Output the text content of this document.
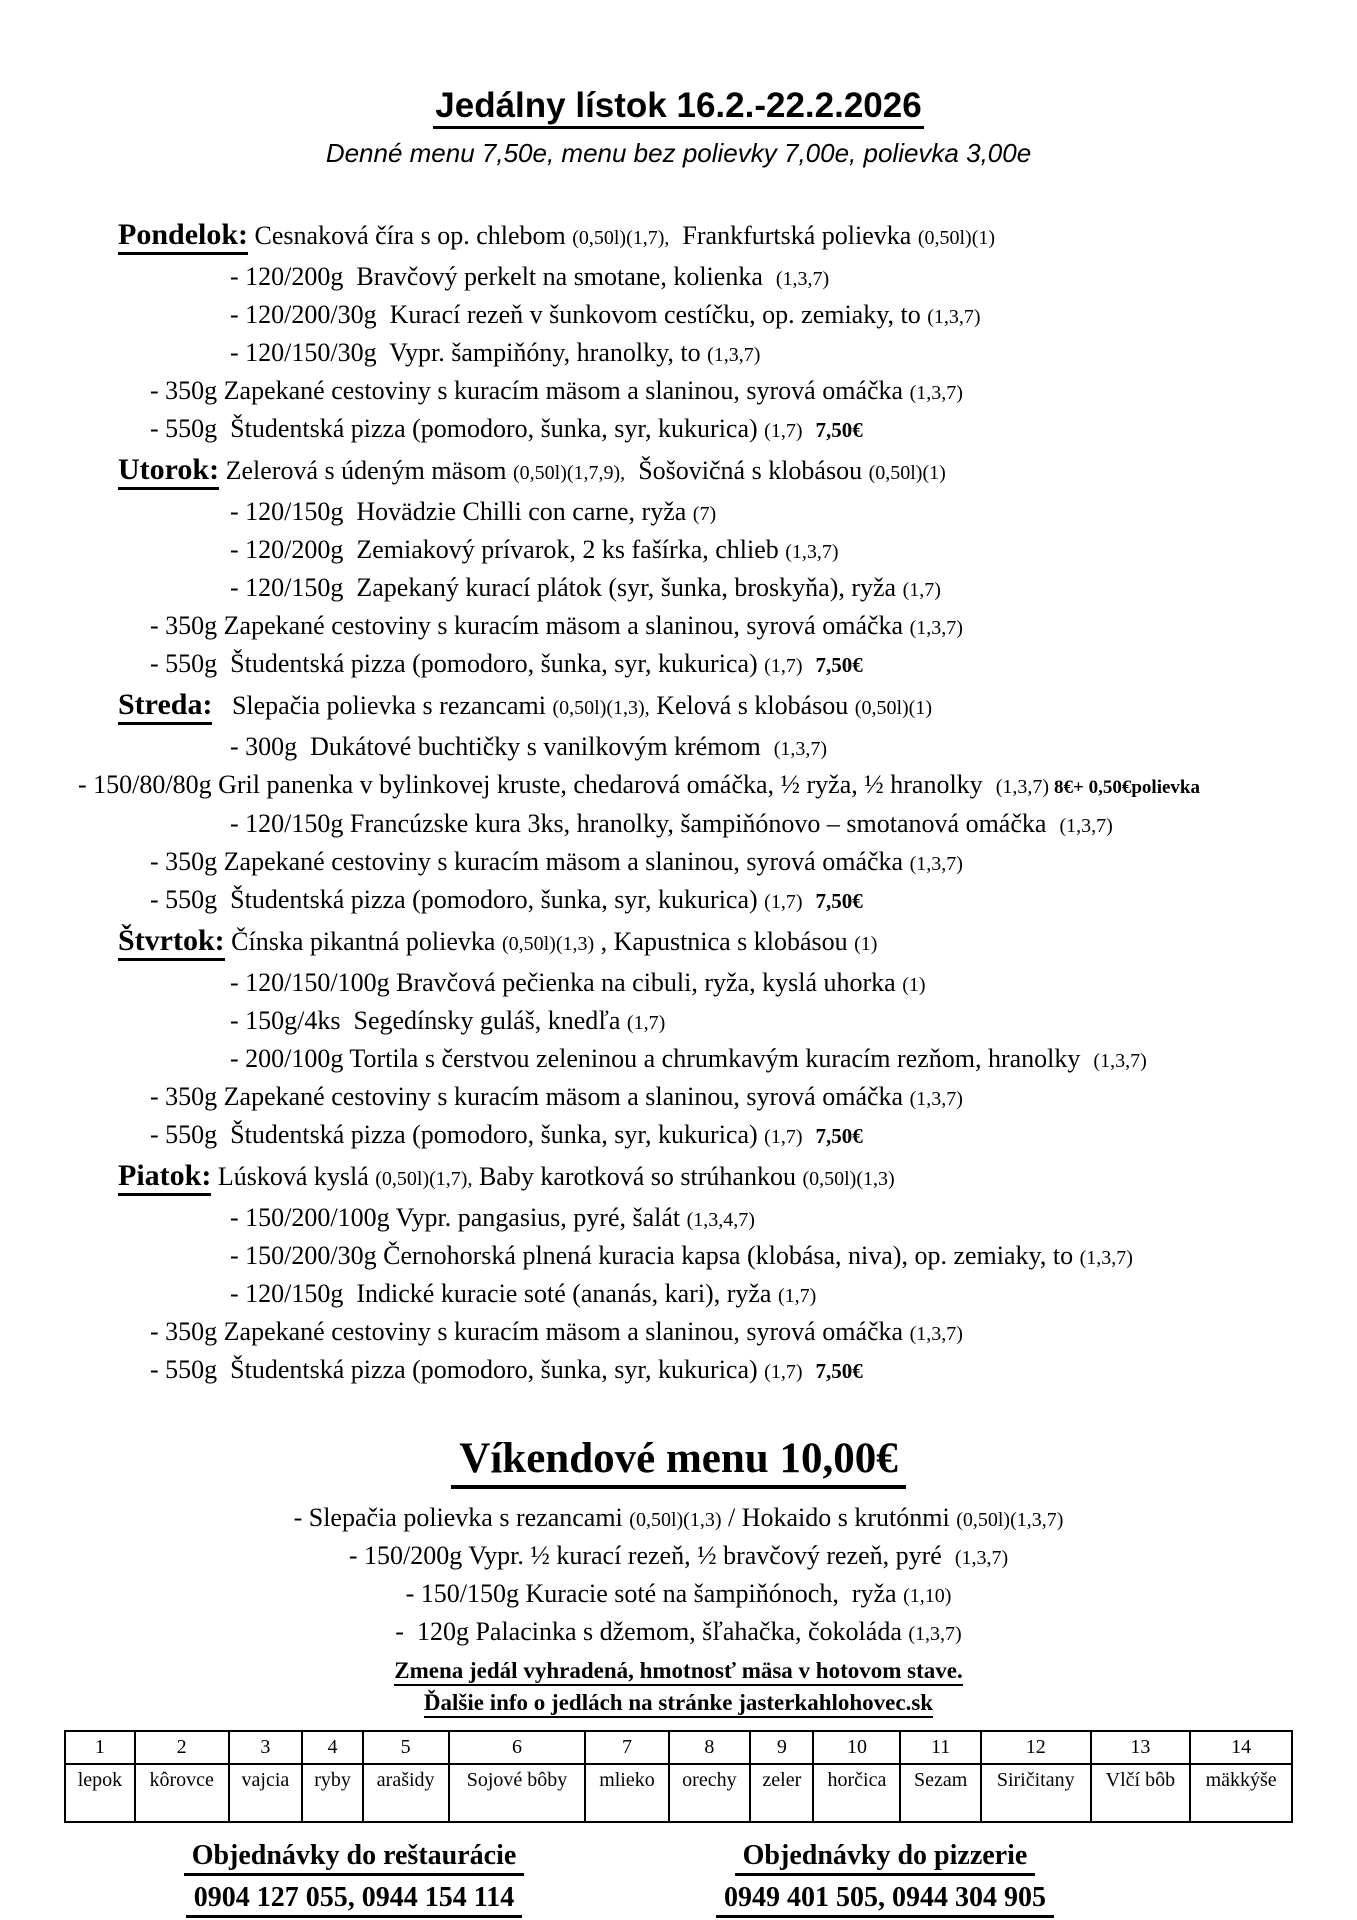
Jedálny lístok 16.2.-22.2.2026
Denné menu 7,50e, menu bez polievky 7,00e, polievka 3,00e
Pondelok: Cesnaková číra s op. chlebom (0,50l)(1,7),  Frankfurtská polievka (0,50l)(1)
- 120/200g  Bravčový perkelt na smotane, kolienka  (1,3,7)
- 120/200/30g  Kurací rezeň v šunkovom cestíčku, op. zemiaky, to (1,3,7)
- 120/150/30g  Vypr. šampiňóny, hranolky, to (1,3,7)
- 350g Zapekané cestoviny s kuracím mäsom a slaninou, syrová omáčka (1,3,7)
- 550g  Študentská pizza (pomodoro, šunka, syr, kukurica) (1,7) 7,50€
Utorok: Zelerová s údeným mäsom (0,50l)(1,7,9),  Šošovičná s klobásou (0,50l)(1)
- 120/150g  Hovädzie Chilli con carne, ryža (7)
- 120/200g  Zemiakový prívarok, 2 ks fašírka, chlieb (1,3,7)
- 120/150g  Zapekaný kurací plátok (syr, šunka, broskyňa), ryža (1,7)
- 350g Zapekané cestoviny s kuracím mäsom a slaninou, syrová omáčka (1,3,7)
- 550g  Študentská pizza (pomodoro, šunka, syr, kukurica) (1,7) 7,50€
Streda:   Slepačia polievka s rezancami (0,50l)(1,3), Kelová s klobásou (0,50l)(1)
- 300g  Dukátové buchtičky s vanilkovým krémom  (1,3,7)
- 150/80/80g Gril panenka v bylinkovej kruste, chedarová omáčka, ½ ryža, ½ hranolky  (1,3,7) 8€+ 0,50€polievka
- 120/150g Francúzske kura 3ks, hranolky, šampiňónovo – smotanová omáčka  (1,3,7)
- 350g Zapekané cestoviny s kuracím mäsom a slaninou, syrová omáčka (1,3,7)
- 550g  Študentská pizza (pomodoro, šunka, syr, kukurica) (1,7) 7,50€
Štvrtok: Čínska pikantná polievka (0,50l)(1,3) , Kapustnica s klobásou (1)
- 120/150/100g Bravčová pečienka na cibuli, ryža, kyslá uhorka (1)
- 150g/4ks  Segedínsky guláš, knedľa (1,7)
- 200/100g Tortila s čerstvou zeleninou a chrumkavým kuracím rezňom, hranolky  (1,3,7)
- 350g Zapekané cestoviny s kuracím mäsom a slaninou, syrová omáčka (1,3,7)
- 550g  Študentská pizza (pomodoro, šunka, syr, kukurica) (1,7) 7,50€
Piatok: Lúsková kyslá (0,50l)(1,7), Baby karotková so strúhankou (0,50l)(1,3)
- 150/200/100g Vypr. pangasius, pyré, šalát (1,3,4,7)
- 150/200/30g Černohorská plnená kuracia kapsa (klobása, niva), op. zemiaky, to (1,3,7)
- 120/150g  Indické kuracie soté (ananás, kari), ryža (1,7)
- 350g Zapekané cestoviny s kuracím mäsom a slaninou, syrová omáčka (1,3,7)
- 550g  Študentská pizza (pomodoro, šunka, syr, kukurica) (1,7) 7,50€
Víkendové menu 10,00€
- Slepačia polievka s rezancami (0,50l)(1,3) / Hokaido s krutónmi (0,50l)(1,3,7)
- 150/200g Vypr. ½ kurací rezeň, ½ bravčový rezeň, pyré  (1,3,7)
- 150/150g Kuracie soté na šampiňónoch,  ryža (1,10)
-  120g Palacinka s džemom, šľahačka, čokoláda (1,3,7)
Zmena jedál vyhradená, hmotnosť mäsa v hotovom stave.
Ďalšie info o jedlách na stránke jasterkahlohovec.sk
1	2	3	4	5	6	7	8	9	10	11	12	13	14
lepok	kôrovce	vajcia	ryby	arašidy	Sojové bôby	mlieko	orechy	zeler	horčica	Sezam	Siričitany	Vlčí bôb	mäkkýše
Objednávky do reštaurácie
0904 127 055, 0944 154 114
Objednávky do pizzerie
0949 401 505, 0944 304 905
